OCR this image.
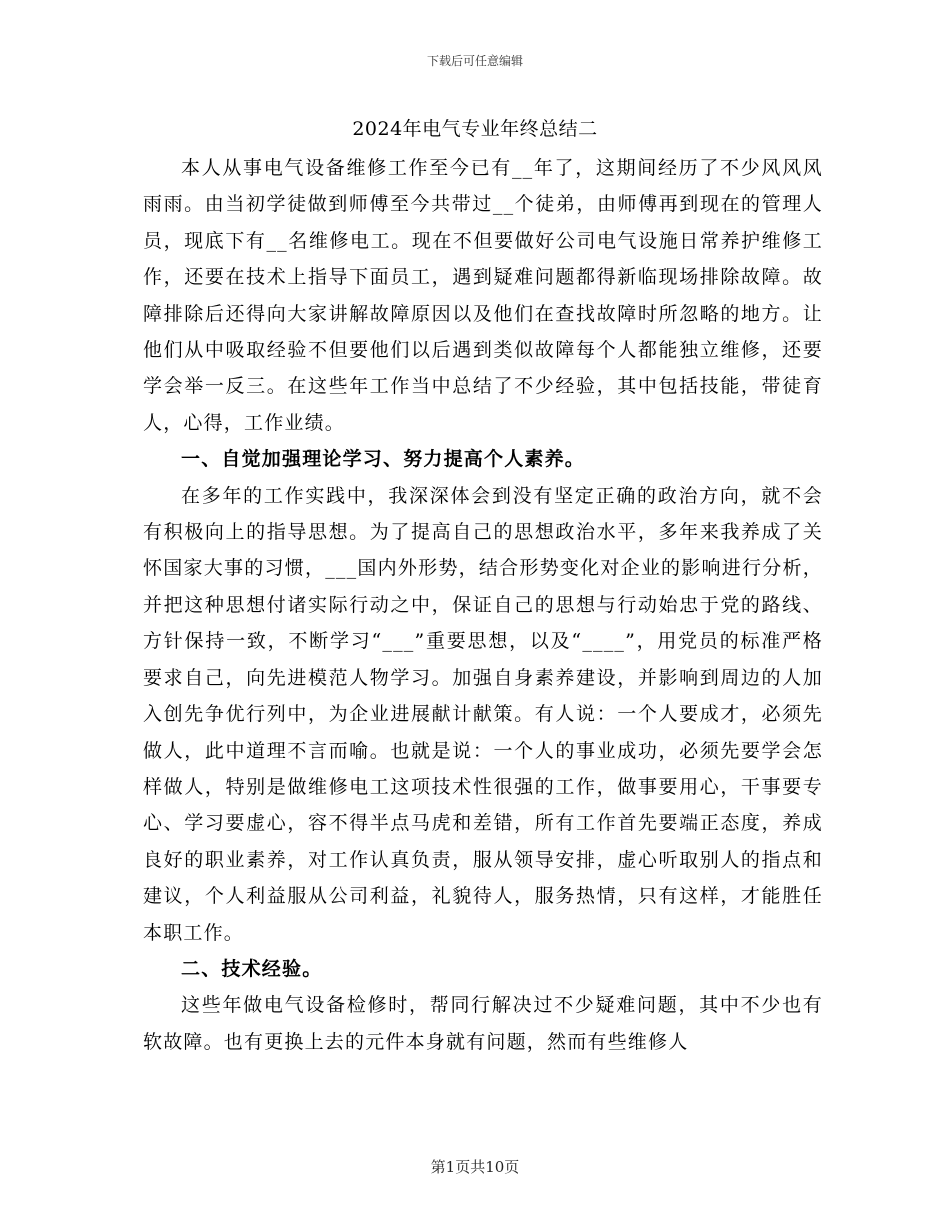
下载后可任意编辑
2024年电气专业年终总结二

本人从事电气设备维修工作至今已有__年了，这期间经历了不少风风风雨雨。由当初学徒做到师傅至今共带过__个徒弟，由师傅再到现在的管理人员，现底下有__名维修电工。现在不但要做好公司电气设施日常养护维修工作，还要在技术上指导下面员工，遇到疑难问题都得新临现场排除故障。故障排除后还得向大家讲解故障原因以及他们在查找故障时所忽略的地方。让他们从中吸取经验不但要他们以后遇到类似故障每个人都能独立维修，还要学会举一反三。在这些年工作当中总结了不少经验，其中包括技能，带徒育人，心得，工作业绩。

一、自觉加强理论学习、努力提高个人素养。

在多年的工作实践中，我深深体会到没有坚定正确的政治方向，就不会有积极向上的指导思想。为了提高自己的思想政治水平，多年来我养成了关怀国家大事的习惯，___国内外形势，结合形势变化对企业的影响进行分析，并把这种思想付诸实际行动之中，保证自己的思想与行动始忠于党的路线、方针保持一致，不断学习“___”重要思想，以及“____”，用党员的标准严格要求自己，向先进模范人物学习。加强自身素养建设，并影响到周边的人加入创先争优行列中，为企业进展献计献策。有人说：一个人要成才，必须先做人，此中道理不言而喻。也就是说：一个人的事业成功，必须先要学会怎样做人，特别是做维修电工这项技术性很强的工作，做事要用心，干事要专心、学习要虚心，容不得半点马虎和差错，所有工作首先要端正态度，养成良好的职业素养，对工作认真负责，服从领导安排，虚心听取别人的指点和建议，个人利益服从公司利益，礼貌待人，服务热情，只有这样，才能胜任本职工作。

二、技术经验。

这些年做电气设备检修时，帮同行解决过不少疑难问题，其中不少也有软故障。也有更换上去的元件本身就有问题，然而有些维修人

第1页共10页
